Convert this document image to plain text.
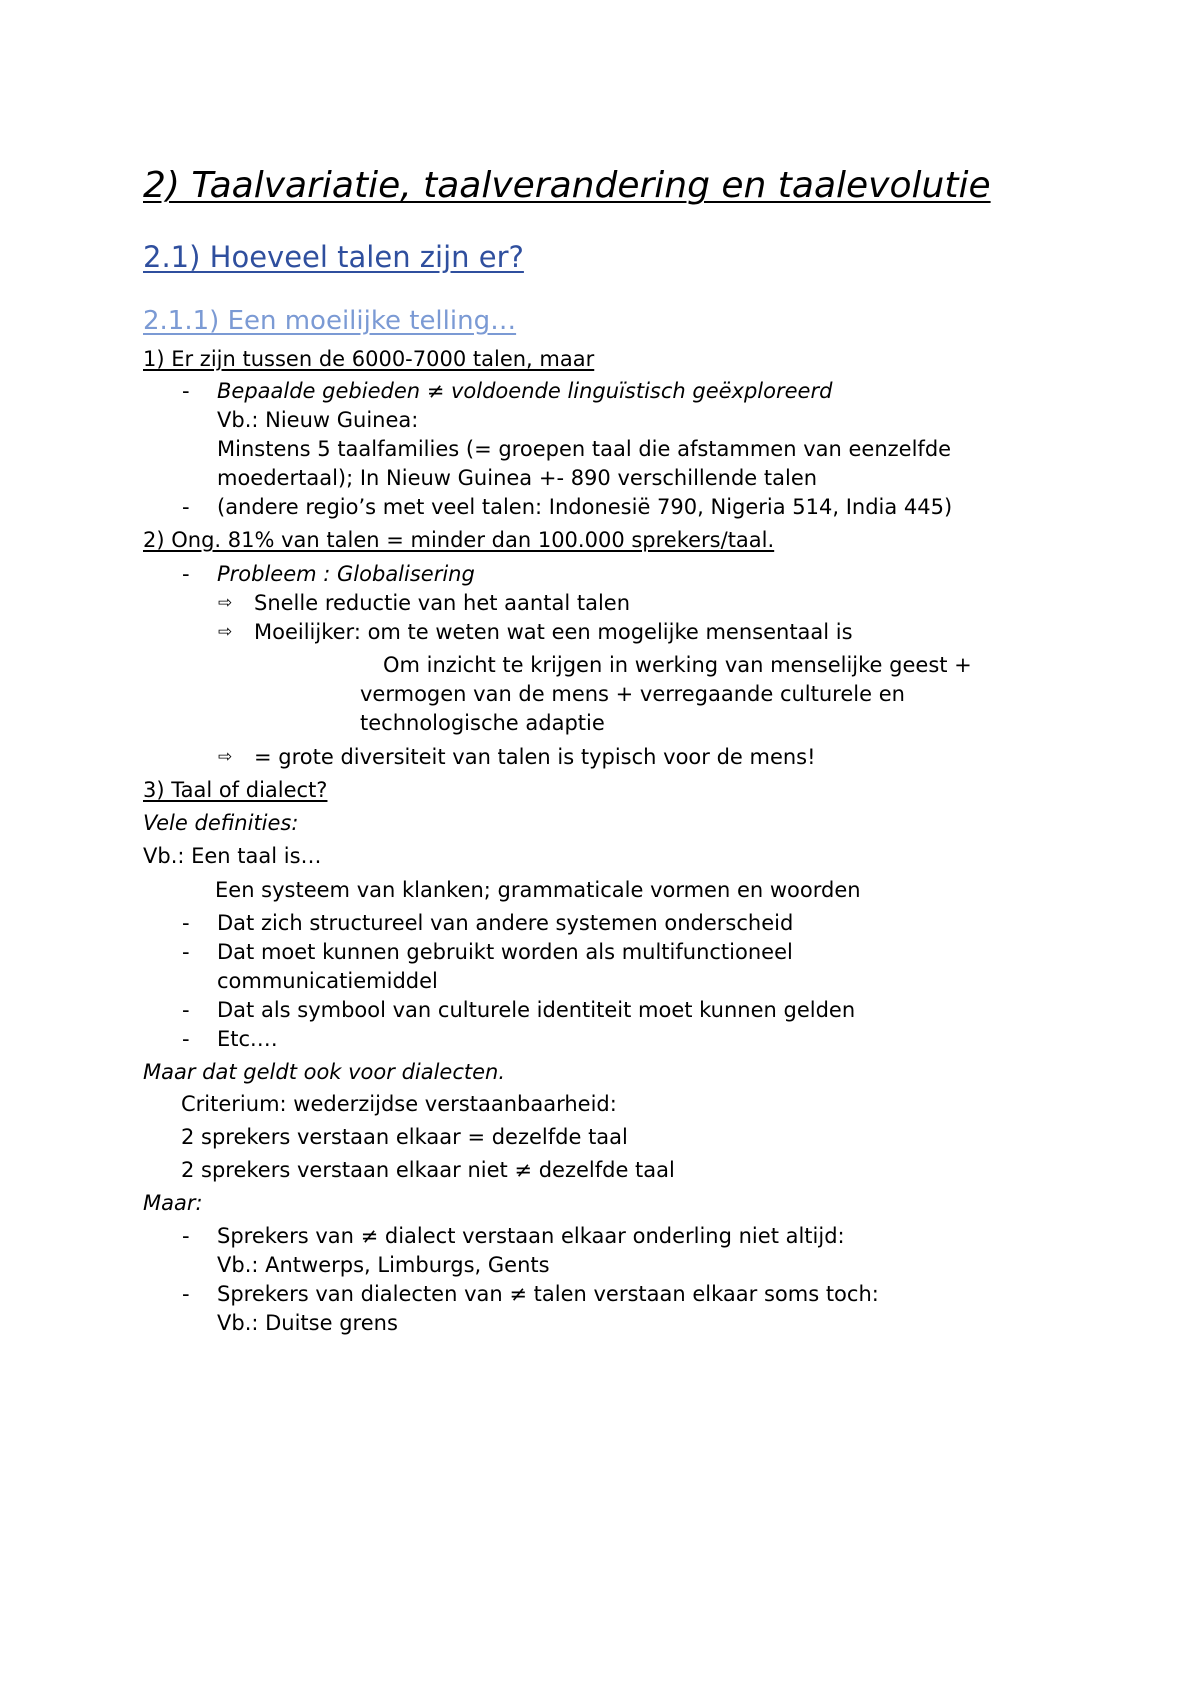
2) Taalvariatie, taalverandering en taalevolutie
2.1) Hoeveel talen zijn er?
2.1.1) Een moeilijke telling…
1) Er zijn tussen de 6000-7000 talen, maar
- Bepaalde gebieden ≠ voldoende linguïstisch geëxploreerd
Vb.: Nieuw Guinea:
Minstens 5 taalfamilies (= groepen taal die afstammen van eenzelfde
moedertaal); In Nieuw Guinea +- 890 verschillende talen
- (andere regio’s met veel talen: Indonesië 790, Nigeria 514, India 445)
2) Ong. 81% van talen = minder dan 100.000 sprekers/taal.
- Probleem : Globalisering
⇨ Snelle reductie van het aantal talen
⇨ Moeilijker: om te weten wat een mogelijke mensentaal is
Om inzicht te krijgen in werking van menselijke geest +
vermogen van de mens + verregaande culturele en
technologische adaptie
⇨ = grote diversiteit van talen is typisch voor de mens!
3) Taal of dialect?
Vele definities:
Vb.: Een taal is…
Een systeem van klanken; grammaticale vormen en woorden
- Dat zich structureel van andere systemen onderscheid
- Dat moet kunnen gebruikt worden als multifunctioneel
communicatiemiddel
- Dat als symbool van culturele identiteit moet kunnen gelden
- Etc.…
Maar dat geldt ook voor dialecten.
Criterium: wederzijdse verstaanbaarheid:
2 sprekers verstaan elkaar = dezelfde taal
2 sprekers verstaan elkaar niet ≠ dezelfde taal
Maar:
- Sprekers van ≠ dialect verstaan elkaar onderling niet altijd:
Vb.: Antwerps, Limburgs, Gents
- Sprekers van dialecten van ≠ talen verstaan elkaar soms toch:
Vb.: Duitse grens
